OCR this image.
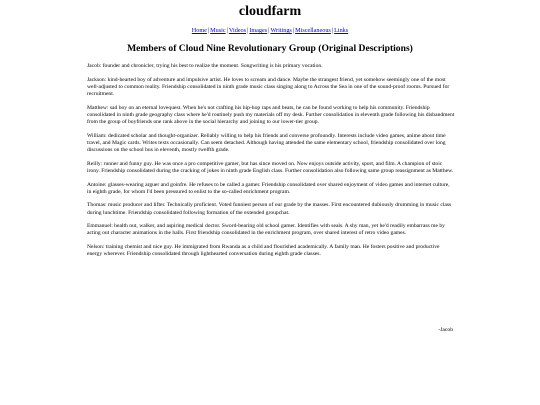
cloudfarm
Home|Music|Videos|Images|Writings|Miscellaneous|Links
Members of Cloud Nine Revolutionary Group (Original Descriptions)

Jacob: founder and chronicler, trying his best to realize the moment. Songwriting is his primary vocation.

Jackson: kind-hearted boy of adventure and impulsive artist. He loves to scream and dance. Maybe the strangest friend, yet somehow seemingly one of the most well-adjusted to common reality. Friendship consolidated in ninth grade music class singing along to Across the Sea in one of the sound-proof rooms. Pursued for recruitment.

Matthew: sad boy on an eternal lovequest. When he's not crafting his hip-hop raps and beats, he can be found working to help his community. Friendship consolidated in ninth grade geography class where he'd routinely push my materials off my desk. Further consolidation in eleventh grade following his disbandment from the group of boyfriends one rank above in the social hierarchy and joining to our lower-tier group.

William: dedicated scholar and thought-organizer. Reliably willing to help his friends and converse profoundly. Interests include video games, anime about time travel, and Magic cards. Writes texts occasionally. Can seem detached. Although having attended the same elementary school, friendship consolidated over long discussions on the school bus in eleventh, mostly twelfth grade.

Reilly: runner and funny guy. He was once a pro competitive gamer, but has since moved on. Now enjoys outside activity, sport, and film. A champion of stoic irony. Friendship consolidated during the cracking of jokes in ninth grade English class. Further consolidation also following same group reassignment as Matthew.

Antoine: glasses-wearing arguer and goinfre. He refuses to be called a gamer. Friendship consolidated over shared enjoyment of video games and internet culture, in eighth grade, for whom I'd been pressured to enlist to the so-called enrichment program.

Thomas: music producer and lifter. Technically proficient. Voted funniest person of our grade by the masses. First encountered dubiously drumming in music class during lunchtime. Friendship consolidated following formation of the extended groupchat.

Emmanuel: health nut, walker, and aspiring medical doctor. Sword-bearing old school gamer. Identifies with seals. A shy man, yet he'd readily embarrass me by acting out character animations in the halls. First friendship consolidated in the enrichment program, over shared interest of retro video games.

Nelson: training chemist and nice guy. He immigrated from Rwanda as a child and flourished academically. A family man. He fosters positive and productive energy wherever. Friendship consolidated through lighthearted conversation during eighth grade classes.

-Jacob
